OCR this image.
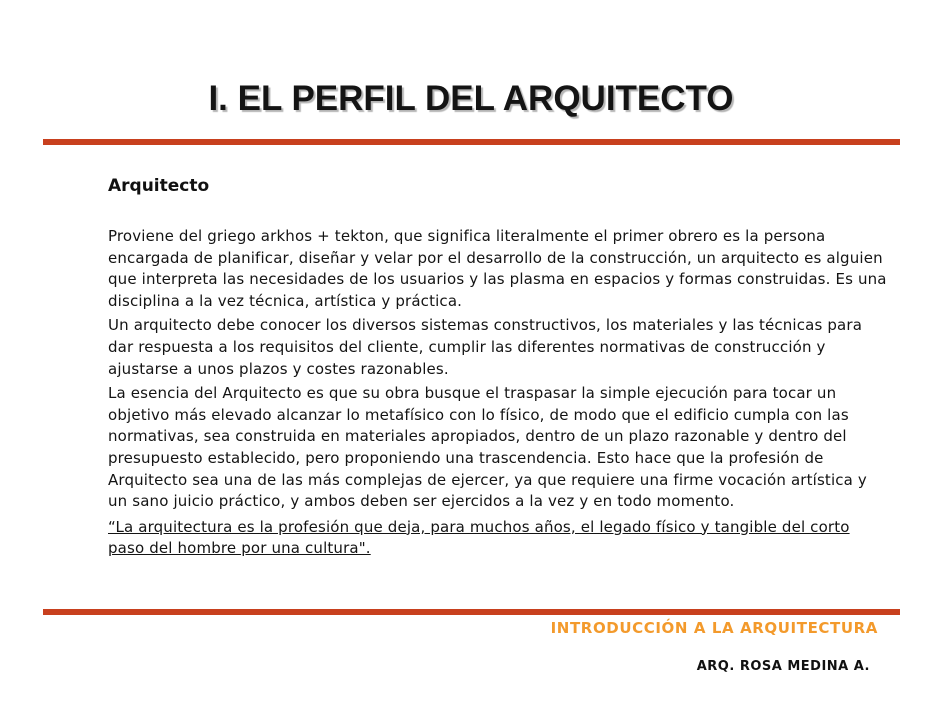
I. EL PERFIL DEL ARQUITECTO
Arquitecto

Proviene del griego arkhos + tekton, que significa literalmente el primer obrero es la persona encargada de planificar, diseñar y velar por el desarrollo de la construcción, un arquitecto es alguien que interpreta las necesidades de los usuarios y las plasma en espacios y formas construidas. Es una disciplina a la vez técnica, artística y práctica.

Un arquitecto debe conocer los diversos sistemas constructivos, los materiales y las técnicas para dar respuesta a los requisitos del cliente, cumplir las diferentes normativas de construcción y ajustarse a unos plazos y costes razonables.

La esencia del Arquitecto es que su obra busque el traspasar la simple ejecución para tocar un objetivo más elevado alcanzar lo metafísico con lo físico, de modo que el edificio cumpla con las normativas, sea construida en materiales apropiados, dentro de un plazo razonable y dentro del presupuesto establecido, pero proponiendo una trascendencia. Esto hace que la profesión de Arquitecto sea una de las más complejas de ejercer, ya que requiere una firme vocación artística y un sano juicio práctico, y ambos deben ser ejercidos a la vez y en todo momento.

“La arquitectura es la profesión que deja, para muchos años, el legado físico y tangible del corto paso del hombre por una cultura".

INTRODUCCIÓN A LA ARQUITECTURA

ARQ. ROSA MEDINA A.
